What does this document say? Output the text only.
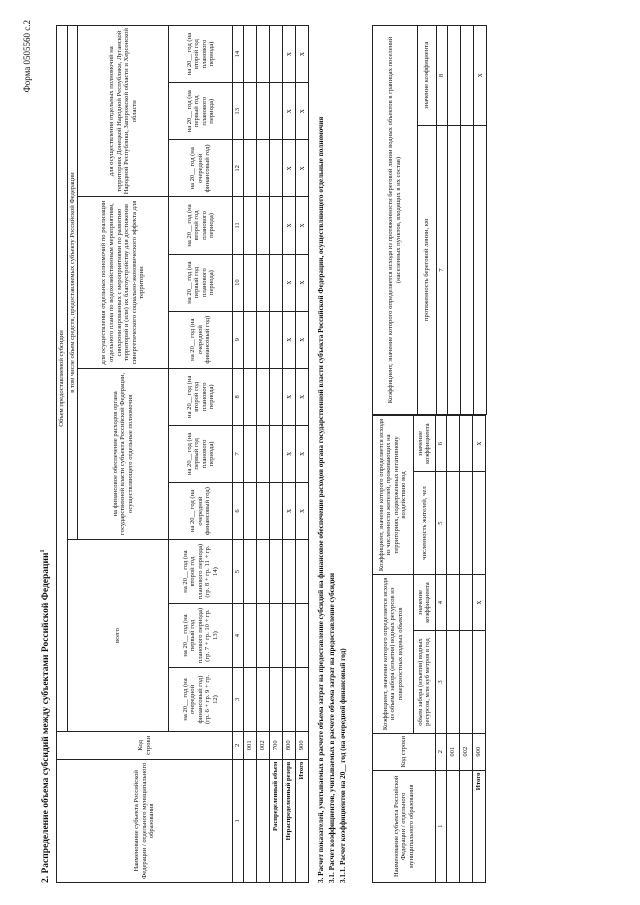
Форма 0505560 с.2
2. Распределение объема субсидий между субъектами Российской Федерации$^1$
Наименование субъекта Российской Федерации / отдельного муниципального образования	Код строки	Объем предоставляемой субсидии											
		всего			в том числе объем средств, предоставляемых субъекту Российской Федерации								
					на финансовое обеспечение расходов органа государственной власти субъекта Российской Федерации, осуществляющего отдельные полномочия			для осуществления отдельных полномочий по реализации отдельного плана по водохозяйственным мероприятиям, синхронизированных с мероприятиями по развитию территорий и (или) их благоустройству для достижения синергетического социально-экономического эффекта для территории			для осуществления отдельных полномочий на территориях Донецкой Народной Республики, Луганской Народной Республики, Запорожской области и Херсонской области		
		на 20__ год (на очередной финансовый год) (гр. 6 + гр. 9 + гр. 12)	на 20__ год (на первый год планового периода) (гр. 7 + гр. 10 + гр. 13)	на 20__ год (на второй год планового периода) (гр. 8 + гр. 11 + гр. 14)	на 20__ год (на очередной финансовый год)	на 20__ год (на первый год планового периода)	на 20__ год (на второй год планового периода)	на 20__ год (на очередной финансовый год)	на 20__ год (на первый год планового периода)	на 20__ год (на второй год планового периода)	на 20__ год (на очередной финансовый год)	на 20__ год (на первый год планового периода)	на 20__ год (на второй год планового периода)
1	2	3	4	5	6	7	8	9	10	11	12	13	14
	001												
	002												
Распределенный объем	700												
Нераспределенный резерв	800				x	x	x	x	x	x	x	x	x
Итого	900				x	x	x	x	x	x	x	x	x
3. Расчет показателей, учитываемых в расчете объема затрат на предоставление субсидий на финансовое обеспечение расходов органа государственной власти субъекта Российской Федерации, осуществляющего отдельные полномочия 3.1. Расчет коэффициентов, учитываемых в расчете объема затрат на предоставление субсидии 3.1.1. Расчет коэффициентов на 20__ год (на очередной финансовый год)	Наименование субъекта Российской Федерации / отдельного муниципального образования	Код строки	Коэффициент, значение которого определяется исходя из объема забора (изъятия) водных ресурсов из поверхностных водных объектов		Коэффициент, значение которого определяется исходя из численности жителей, проживающих на территориях, подверженных негативному воздействию вод	
		объем забора (изъятия) водных ресурсов, млн куб метров в год	значение коэффициента	численность жителей, чел	значение коэффициента
1	2	3	4	5	6
	001				
	002				
Итого	900		x		x
Коэффициент, значение которого определяется исходя из протяженности береговой линии водных объектов в границах поселений (населенных пунктов, входящих в их состав)	
протяженность береговой линии, км	значение коэффициента
7	8

	x
